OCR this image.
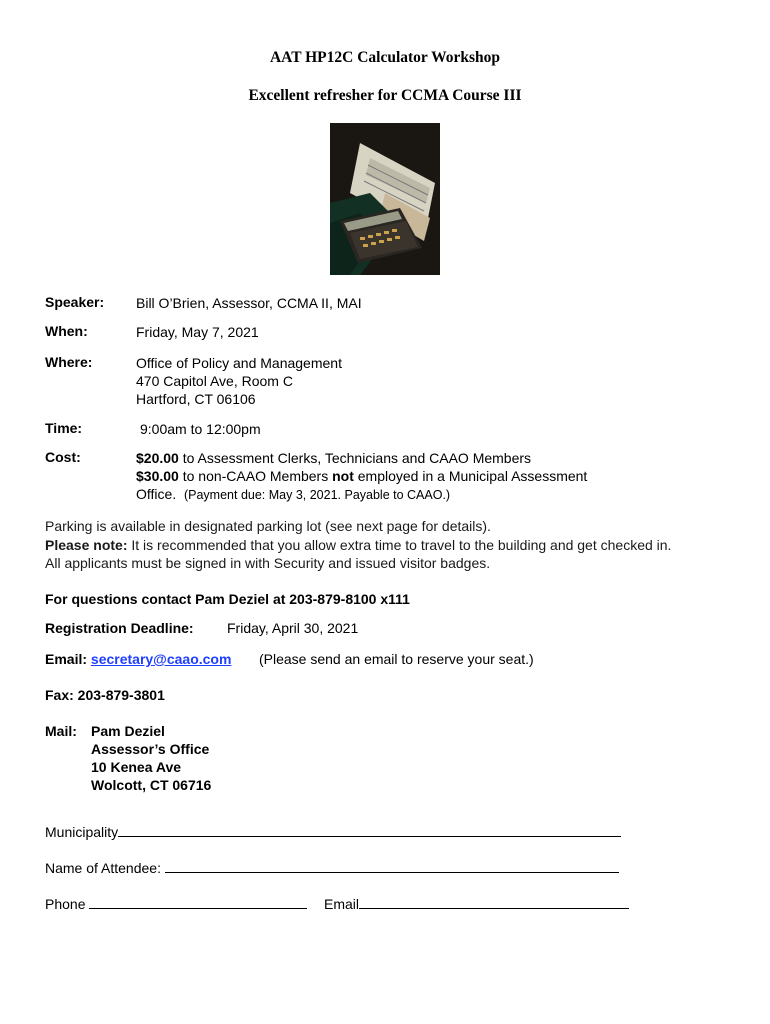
AAT HP12C Calculator Workshop
Excellent refresher for CCMA Course III
Speaker: Bill O’Brien, Assessor, CCMA II, MAI
When:	Friday, May 7, 2021
Where:	Office of Policy and Management
470 Capitol Ave, Room C
Hartford, CT 06106
Time:	9:00am to 12:00pm
Cost:	$20.00 to Assessment Clerks, Technicians and CAAO Members
$30.00 to non-CAAO Members not employed in a Municipal Assessment
Office. (Payment due: May 3, 2021. Payable to CAAO.)
Parking is available in designated parking lot (see next page for details).
Please note: It is recommended that you allow extra time to travel to the building and get checked in.
All applicants must be signed in with Security and issued visitor badges.
For questions contact Pam Deziel at 203-879-8100 x111
Registration Deadline: Friday, April 30, 2021
Email: secretary@caao.com (Please send an email to reserve your seat.)
Fax: 203-879-3801
Mail: Pam Deziel
Assessor’s Office
10 Kenea Ave
Wolcott, CT 06716
Municipality
Name of Attendee:
Phone	Email
